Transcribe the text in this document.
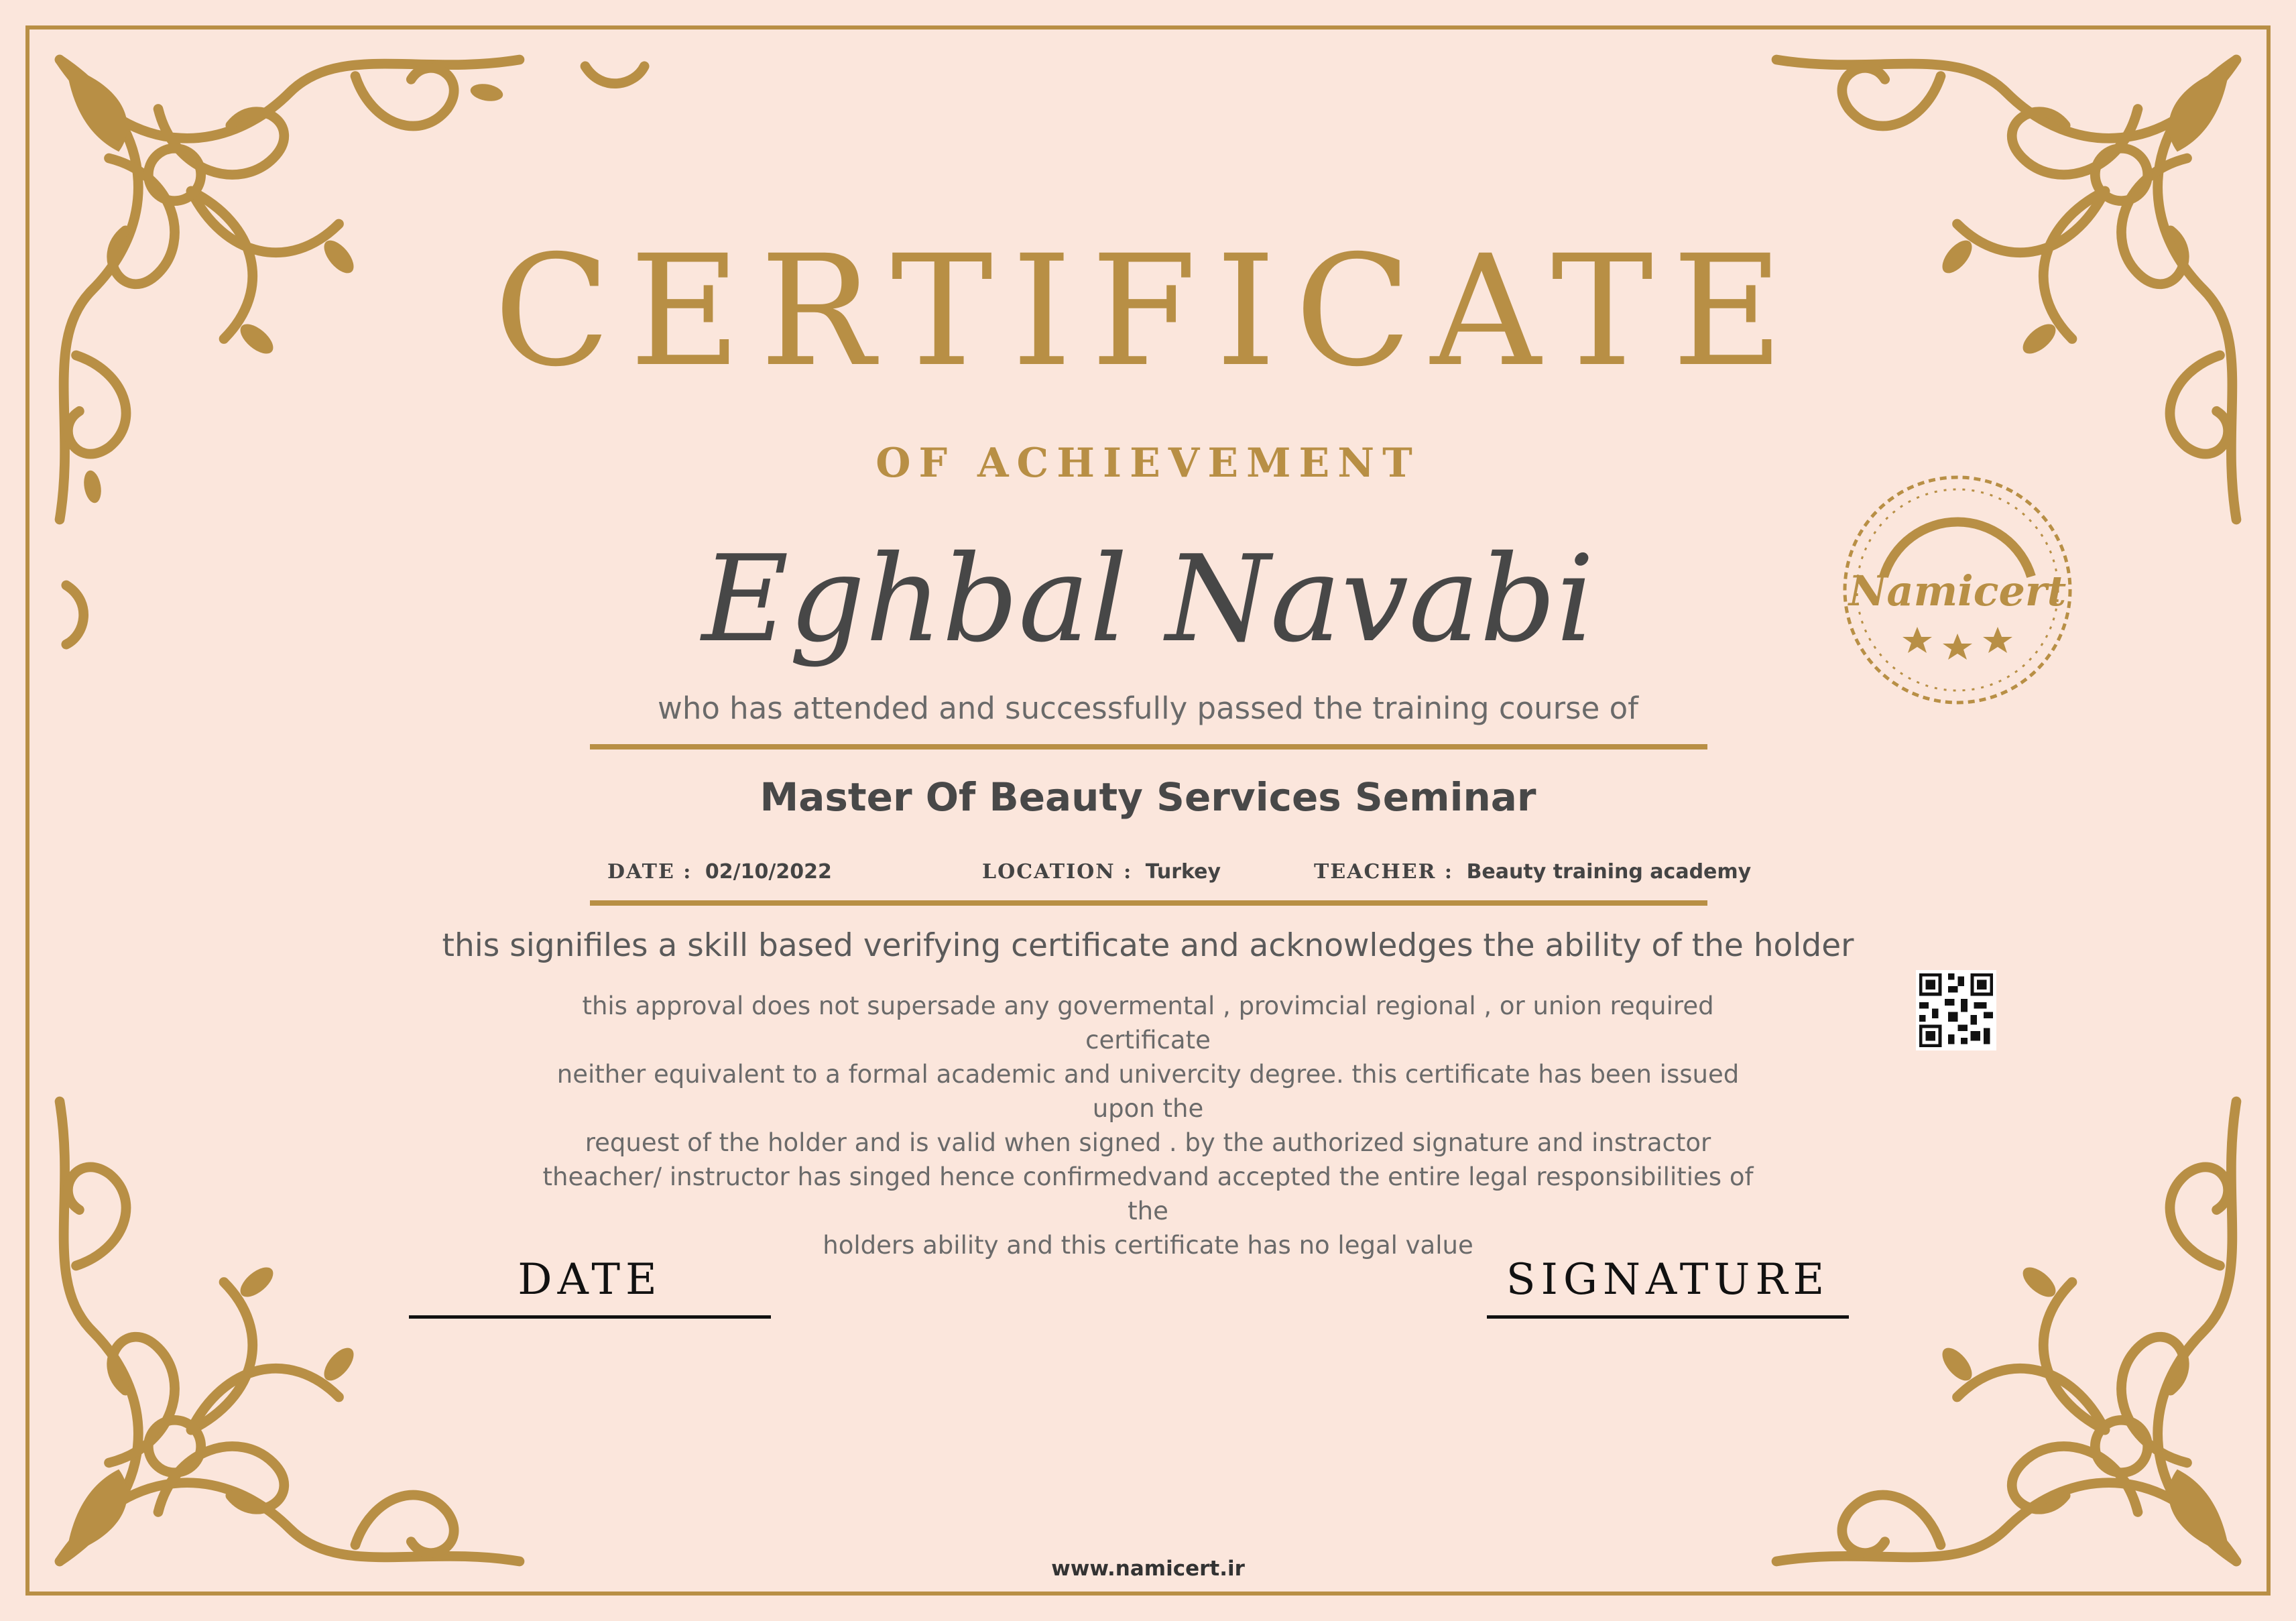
CERTIFICATE
OF ACHIEVEMENT
Eghbal Navabi
who has attended and successfully passed the training course of
Master Of Beauty Services Seminar
DATE : 02/10/2022	LOCATION : Turkey	TEACHER : Beauty training academy
this signifiles a skill based verifying certificate and acknowledges the ability of the holder
this approval does not supersade any govermental , provimcial regional , or union required certificate
neither equivalent to a formal academic and univercity degree. this certificate has been issued upon the
request of the holder and is valid when signed . by the authorized signature and instractor
theacher/ instructor has singed hence confirmedvand accepted the entire legal responsibilities of the
holders ability and this certificate has no legal value
DATE	SIGNATURE
Namicert
www.namicert.ir
